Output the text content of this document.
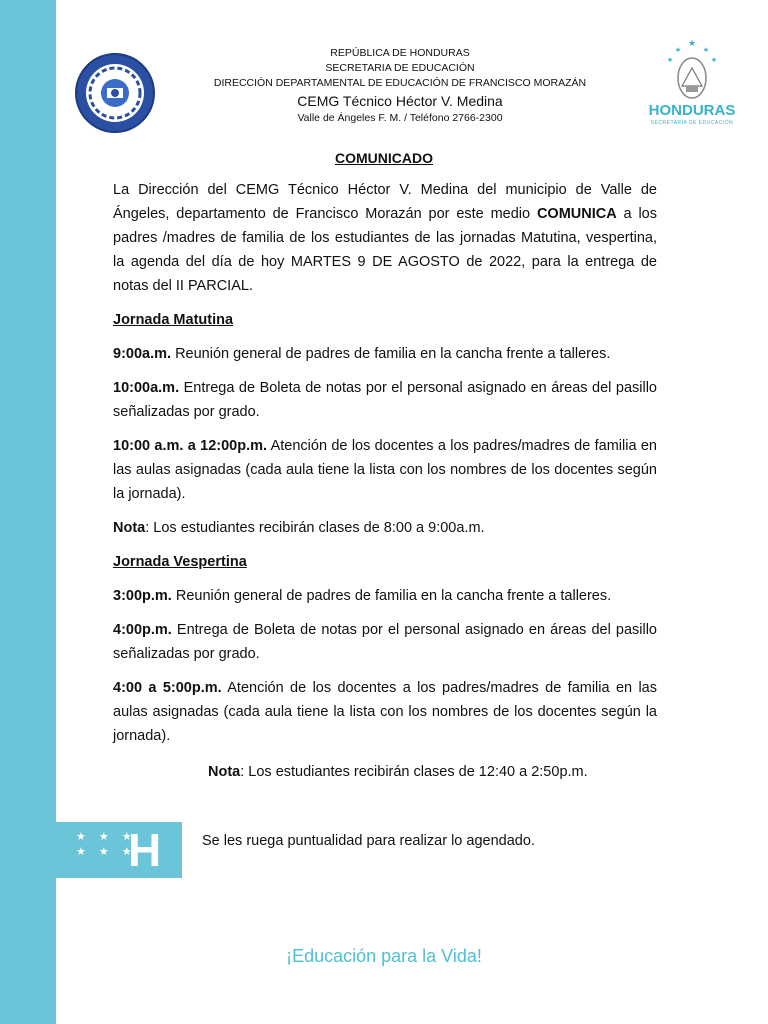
REPÚBLICA DE HONDURAS
SECRETARIA DE EDUCACIÓN
DIRECCIÓN DEPARTAMENTAL DE EDUCACIÓN DE FRANCISCO MORAZÁN
CEMG Técnico Héctor V. Medina
Valle de Ángeles F. M. / Teléfono 2766-2300
★
★	★
★	★
HONDURAS
SECRETARÍA DE EDUCACIÓN
COMUNICADO

La Dirección del CEMG Técnico Héctor V. Medina del municipio de Valle de Ángeles, departamento de Francisco Morazán por este medio COMUNICA a los padres /madres de familia de los estudiantes de las jornadas Matutina, vespertina, la agenda del día de hoy MARTES 9 DE AGOSTO de 2022, para la entrega de notas del II PARCIAL.

Jornada Matutina

9:00a.m. Reunión general de padres de familia en la cancha frente a talleres.

10:00a.m. Entrega de Boleta de notas por el personal asignado en áreas del pasillo señalizadas por grado.

10:00 a.m. a 12:00p.m. Atención de los docentes a los padres/madres de familia en las aulas asignadas (cada aula tiene la lista con los nombres de los docentes según la jornada).

Nota: Los estudiantes recibirán clases de 8:00 a 9:00a.m.

Jornada Vespertina

3:00p.m. Reunión general de padres de familia en la cancha frente a talleres.

4:00p.m. Entrega de Boleta de notas por el personal asignado en áreas del pasillo señalizadas por grado.

4:00 a 5:00p.m. Atención de los docentes a los padres/madres de familia en las aulas asignadas (cada aula tiene la lista con los nombres de los docentes según la jornada).

Nota: Los estudiantes recibirán clases de 12:40 a 2:50p.m.
★ ★ ★
★ ★ ★
H	Se les ruega puntualidad para realizar lo agendado.
¡Educación para la Vida!
